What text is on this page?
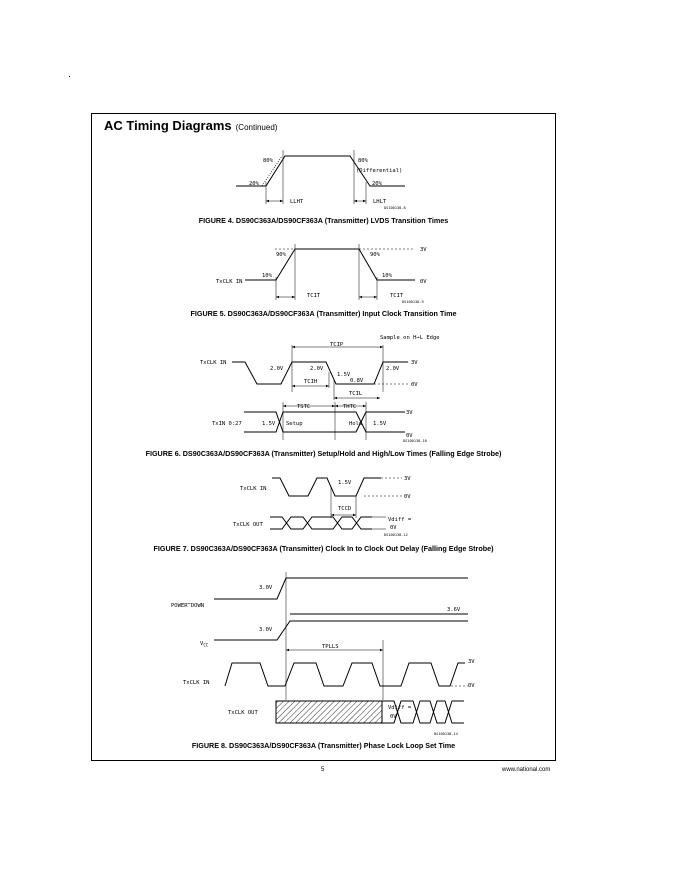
AC Timing Diagrams (Continued)
80%	80%
(Differential)
20%	20%
LLHT	LHLT
DS100138-8
3V
90%	90%
10%	10%
TxCLK IN	0V
TCIT	TCIT
DS100138-9
Sample on H→L Edge
TCIP
TxCLK IN	3V
2.0V	2.0V	2.0V
1.5V
0.8V
TCIH	0V
TCIL
TSTC	THTC
3V
TxIN 0:27	1.5V Setup	Hold 1.5V
0V
DS100138-10
3V
1.5V
TxCLK IN
0V
TCCD
Vdiff =
TxCLK OUT	0V
DS100138-12
3.0V
POWER DOWN
3.6V
3.0V
$V_{CC}$	TPLLS
3V
TxCLK IN	0V
Vdiff =
TxCLK OUT
0V
DS100138-14
FIGURE 4. DS90C363A/DS90CF363A (Transmitter) LVDS Transition Times
FIGURE 5. DS90C363A/DS90CF363A (Transmitter) Input Clock Transition Time
FIGURE 6. DS90C363A/DS90CF363A (Transmitter) Setup/Hold and High/Low Times (Falling Edge Strobe)
FIGURE 7. DS90C363A/DS90CF363A (Transmitter) Clock In to Clock Out Delay (Falling Edge Strobe)
FIGURE 8. DS90C363A/DS90CF363A (Transmitter) Phase Lock Loop Set Time
5	www.national.com
